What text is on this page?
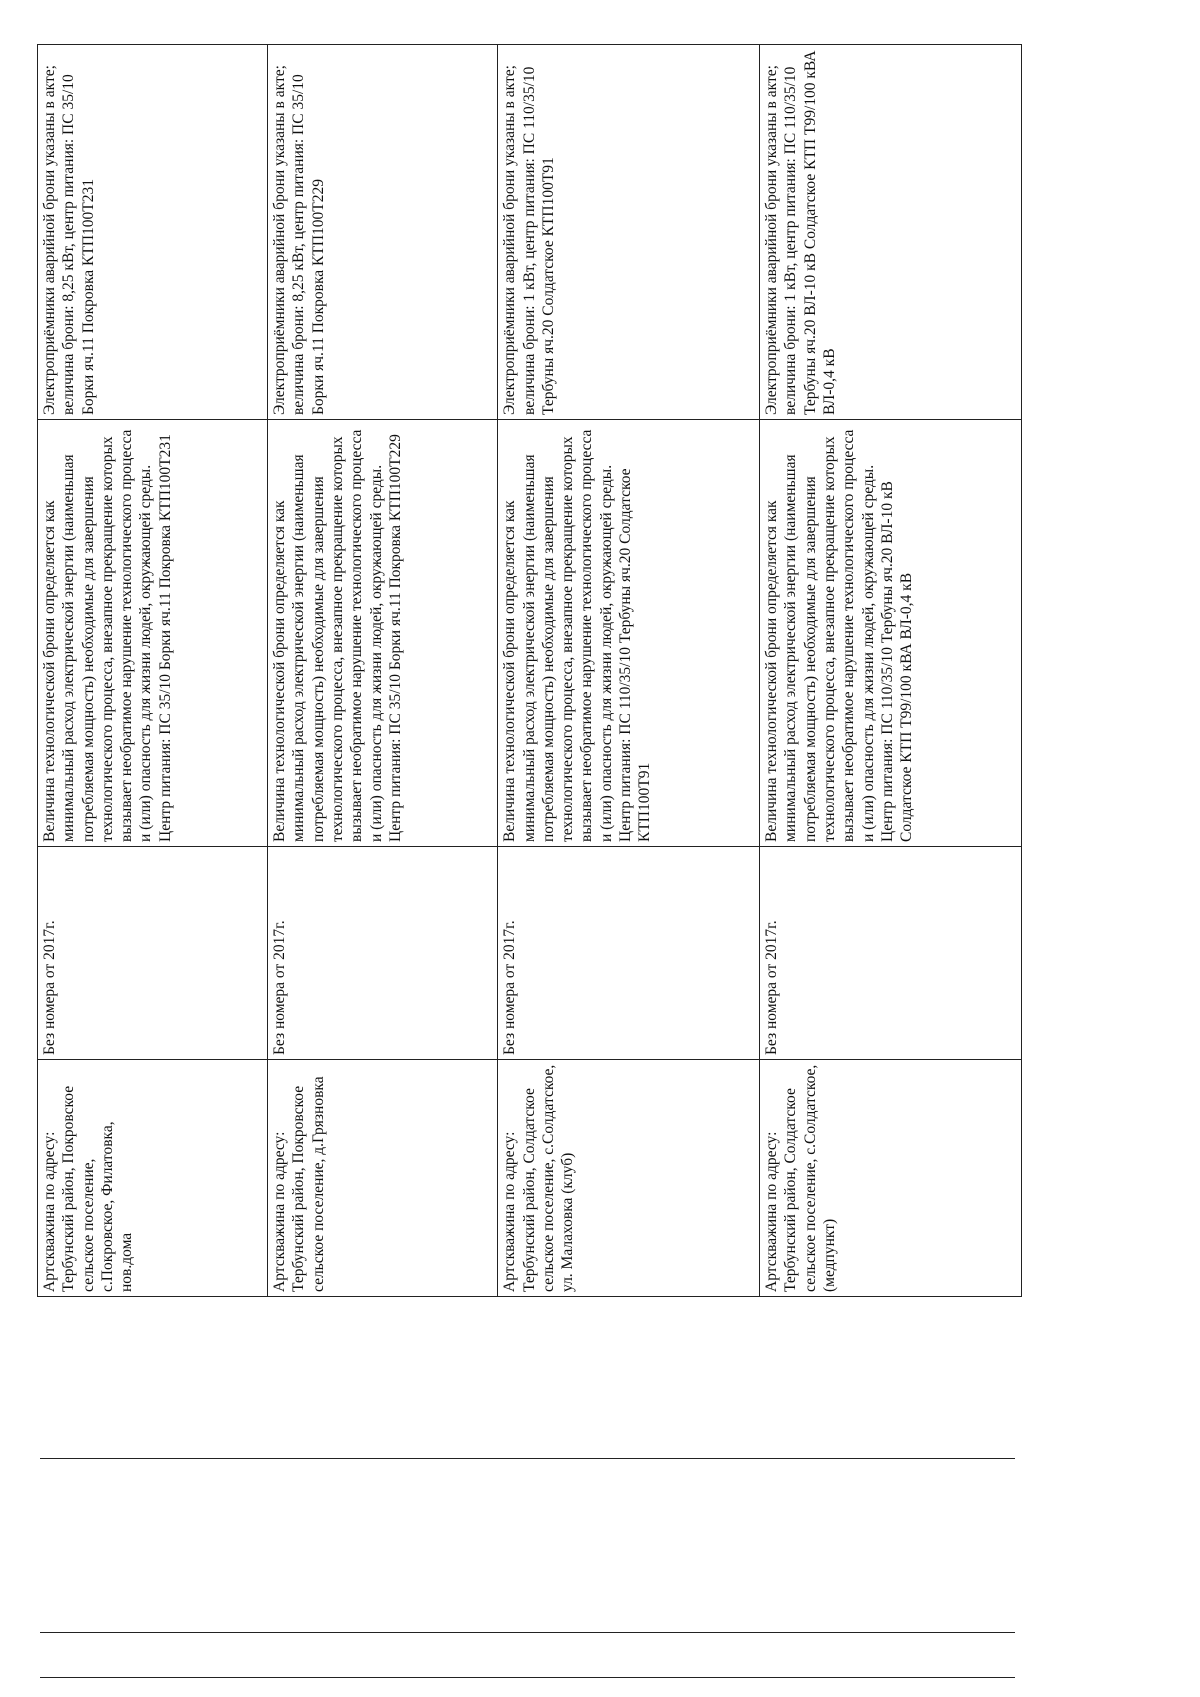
Артскважина по адресу: Тербунский район, Покровское сельское поселение, с.Покровское, Филатовка, нов.дома	Без номера от 2017г.	Величина технологической брони определяется как минимальный расход электрической энергии (наименьшая потребляемая мощность) необходимые для завершения технологического процесса, внезапное прекращение которых вызывает необратимое нарушение технологического процесса и (или) опасность для жизни людей, окружающей среды. Центр питания: ПС 35/10 Борки яч.11 Покровка КТП100Т231	Электроприёмники аварийной брони указаны в акте; величина брони: 8,25 кВт, центр питания: ПС 35/10 Борки яч.11 Покровка КТП100Т231
Артскважина по адресу: Тербунский район, Покровское сельское поселение, д.Грязновка	Без номера от 2017г.	Величина технологической брони определяется как минимальный расход электрической энергии (наименьшая потребляемая мощность) необходимые для завершения технологического процесса, внезапное прекращение которых вызывает необратимое нарушение технологического процесса и (или) опасность для жизни людей, окружающей среды. Центр питания: ПС 35/10 Борки яч.11 Покровка КТП100Т229	Электроприёмники аварийной брони указаны в акте; величина брони: 8,25 кВт, центр питания: ПС 35/10 Борки яч.11 Покровка КТП100Т229
Артскважина по адресу: Тербунский район, Солдатское сельское поселение, с.Солдатское, ул. Малаховка (клуб)	Без номера от 2017г.	Величина технологической брони определяется как минимальный расход электрической энергии (наименьшая потребляемая мощность) необходимые для завершения технологического процесса, внезапное прекращение которых вызывает необратимое нарушение технологического процесса и (или) опасность для жизни людей, окружающей среды. Центр питания: ПС 110/35/10 Тербуны яч.20 Солдатское КТП100Т91	Электроприёмники аварийной брони указаны в акте; величина брони: 1 кВт, центр питания: ПС 110/35/10 Тербуны яч.20 Солдатское КТП100Т91
Артскважина по адресу: Тербунский район, Солдатское сельское поселение, с.Солдатское, (медпункт)	Без номера от 2017г.	Величина технологической брони определяется как минимальный расход электрической энергии (наименьшая потребляемая мощность) необходимые для завершения технологического процесса, внезапное прекращение которых вызывает необратимое нарушение технологического процесса и (или) опасность для жизни людей, окружающей среды. Центр питания: ПС 110/35/10 Тербуны яч.20 ВЛ-10 кВ Солдатское КТП Т99/100 кВА ВЛ-0,4 кВ	Электроприёмники аварийной брони указаны в акте; величина брони: 1 кВт, центр питания: ПС 110/35/10 Тербуны яч.20 ВЛ-10 кВ Солдатское КТП Т99/100 кВА ВЛ-0,4 кВ
